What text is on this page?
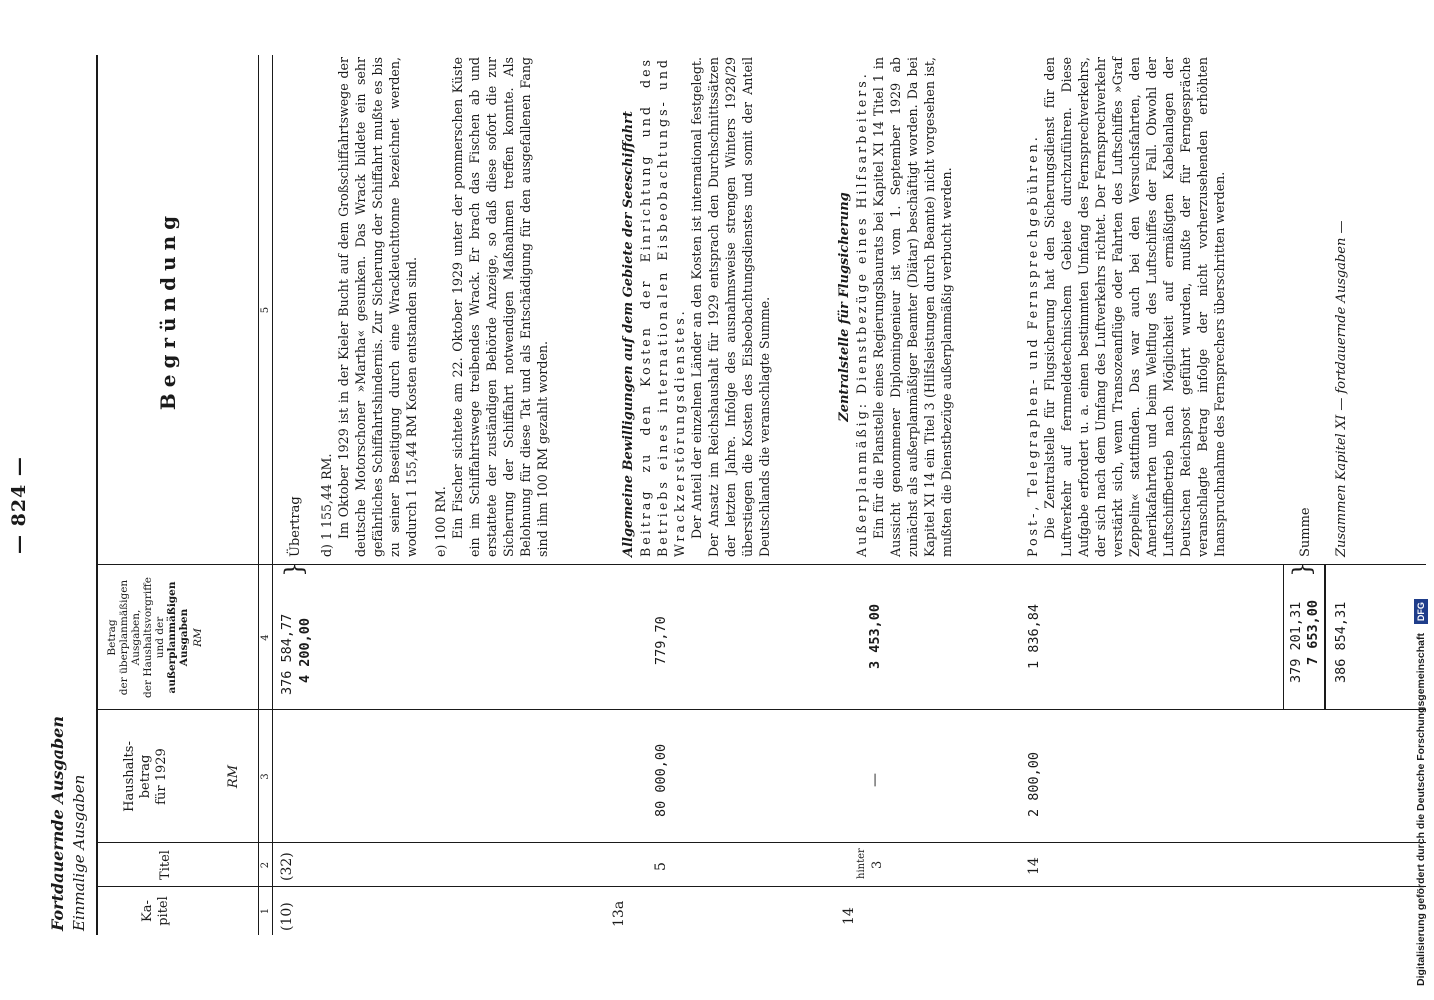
— 824 —
Fortdauernde Ausgaben Einmalige Ausgaben	Ka-
pitel
Titel
Haushalts-
betrag
für 1929	RM
Betrag der überplanmäßigen Ausgaben, der Haushaltsvorgriffe und der außerplanmäßigen Ausgaben RM
Begründung
1
2
3
4
5
(10)
(32)
376 584,77 4 200,00
}
Übertrag d) 1 155,44 RM. Im Oktober 1929 ist in der Kieler Bucht auf dem Großschiffahrtswege der deutsche Motorschoner »Martha« gesunken. Das Wrack bildete ein sehr gefährliches Schiffahrtshindernis. Zur Sicherung der Schiffahrt mußte es bis zu seiner Beseitigung durch eine Wrackleuchttonne bezeichnet werden, wodurch 1 155,44 RM Kosten entstanden sind. e) 100 RM. Ein Fischer sichtete am 22. Oktober 1929 unter der pommerschen Küste ein im Schiffahrtswege treibendes Wrack. Er brach das Fischen ab und erstattete der zuständigen Behörde Anzeige, so daß diese sofort die zur Sicherung der Schiffahrt notwendigen Maßnahmen treffen konnte. Als Belohnung für diese Tat und als Entschädigung für den ausgefallenen Fang sind ihm 100 RM gezahlt worden.

13a
5
80 000,00
779,70

Allgemeine Bewilligungen auf dem Gebiete der Seeschiffahrt Beitrag zu den Kosten der Einrichtung und des Betriebs eines internationalen Eisbeobachtungs- und Wrackzerstörungsdienstes. Der Anteil der einzelnen Länder an den Kosten ist international festgelegt. Der Ansatz im Reichshaushalt für 1929 entsprach den Durchschnittssätzen der letzten Jahre. Infolge des ausnahmsweise strengen Winters 1928/29 überstiegen die Kosten des Eisbeobachtungsdienstes und somit der Anteil Deutschlands die veranschlagte Summe.

14
hinter 3
—
3 453,00

Zentralstelle für Flugsicherung Außerplanmäßig: Dienstbezüge eines Hilfsarbeiters. Ein für die Planstelle eines Regierungsbaurats bei Kapitel XI 14 Titel 1 in Aussicht genommener Diplomingenieur ist vom 1. September 1929 ab zunächst als außerplanmäßiger Beamter (Diätar) beschäftigt worden. Da bei Kapitel XI 14 ein Titel 3 (Hilfsleistungen durch Beamte) nicht vorgesehen ist, mußten die Dienstbezüge außerplanmäßig verbucht werden.

14
2 800,00
1 836,84

Post-, Telegraphen- und Fernsprechgebühren. Die Zentralstelle für Flugsicherung hat den Sicherungsdienst für den Luftverkehr auf fernmeldetechnischem Gebiete durchzuführen. Diese Aufgabe erfordert u. a. einen bestimmten Umfang des Fernsprechverkehrs, der sich nach dem Umfang des Luftverkehrs richtet. Der Fernsprechverkehr verstärkt sich, wenn Transozeanflüge oder Fahrten des Luftschiffes »Graf Zeppelin« stattfinden. Das war auch bei den Versuchsfahrten, den Amerikafahrten und beim Weltflug des Luftschiffes der Fall. Obwohl der Luftschiffbetrieb nach Möglichkeit auf ermäßigten Kabelanlagen der Deutschen Reichspost geführt wurden, mußte der für Ferngespräche veranschlagte Betrag infolge der nicht vorherzusehenden erhöhten Inanspruchnahme des Fernsprechers überschritten werden.

379 201,31 7 653,00
}
Summe
386 854,31
Zusammen Kapitel XI — fortdauernde Ausgaben —
Digitalisierung gefördert durch die Deutsche Forschungsgemeinschaft DFG
